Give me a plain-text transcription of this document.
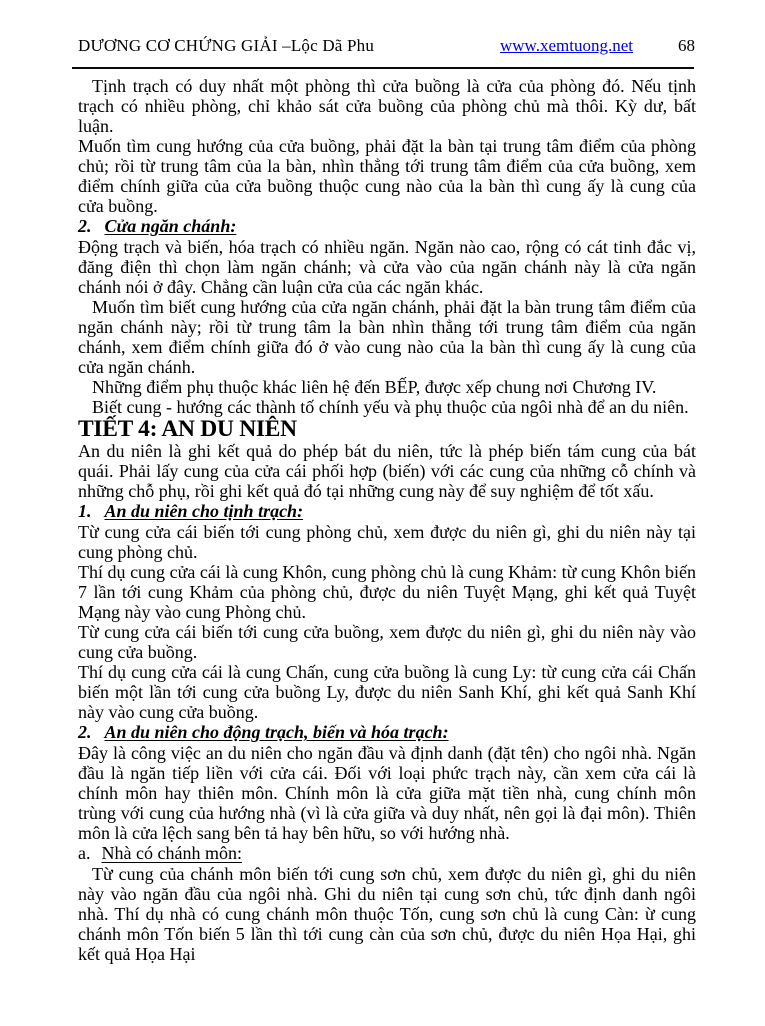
DƯƠNG CƠ CHỨNG GIẢI –Lộc Dã Phu	www.xemtuong.net	68

Tịnh trạch có duy nhất một phòng thì cửa buồng là cửa của phòng đó. Nếu tịnh trạch có nhiều phòng, chỉ khảo sát cửa buồng của phòng chủ mà thôi. Kỳ dư, bất luận.

Muốn tìm cung hướng của cửa buồng, phải đặt la bàn tại trung tâm điểm của phòng chủ; rồi từ trung tâm của la bàn, nhìn thẳng tới trung tâm điểm của cửa buồng, xem điểm chính giữa của cửa buồng thuộc cung nào của la bàn thì cung ấy là cung của cửa buồng.

2. Cửa ngăn chánh:

Động trạch và biến, hóa trạch có nhiều ngăn. Ngăn nào cao, rộng có cát tinh đắc vị, đăng điện thì chọn làm ngăn chánh; và cửa vào của ngăn chánh này là cửa ngăn chánh nói ở đây. Chẳng cần luận cửa của các ngăn khác.

Muốn tìm biết cung hướng của cửa ngăn chánh, phải đặt la bàn trung tâm điểm của ngăn chánh này; rồi từ trung tâm la bàn nhìn thẳng tới trung tâm điểm của ngăn chánh, xem điểm chính giữa đó ở vào cung nào của la bàn thì cung ấy là cung của cửa ngăn chánh.

Những điểm phụ thuộc khác liên hệ đến BẾP, được xếp chung nơi Chương IV.

Biết cung - hướng các thành tố chính yếu và phụ thuộc của ngôi nhà để an du niên.

TIẾT 4: AN DU NIÊN

An du niên là ghi kết quả do phép bát du niên, tức là phép biến tám cung của bát quái. Phải lấy cung của cửa cái phối hợp (biến) với các cung của những cỗ chính và những chỗ phụ, rồi ghi kết quả đó tại những cung này để suy nghiệm để tốt xấu.

1. An du niên cho tịnh trạch:

Từ cung cửa cái biến tới cung phòng chủ, xem được du niên gì, ghi du niên này tại cung phòng chủ.

Thí dụ cung cửa cái là cung Khôn, cung phòng chủ là cung Khảm: từ cung Khôn biến 7 lần tới cung Khảm của phòng chủ, được du niên Tuyệt Mạng, ghi kết quả Tuyệt Mạng này vào cung Phòng chủ.

Từ cung cửa cái biến tới cung cửa buồng, xem được du niên gì, ghi du niên này vào cung cửa buồng.

Thí dụ cung cửa cái là cung Chấn, cung cửa buồng là cung Ly: từ cung cửa cái Chấn biến một lần tới cung cửa buồng Ly, được du niên Sanh Khí, ghi kết quả Sanh Khí này vào cung cửa buồng.

2. An du niên cho động trạch, biến và hóa trạch:

Đây là công việc an du niên cho ngăn đầu và định danh (đặt tên) cho ngôi nhà. Ngăn đầu là ngăn tiếp liền với cửa cái. Đối với loại phức trạch này, cần xem cửa cái là chính môn hay thiên môn. Chính môn là cửa giữa mặt tiền nhà, cung chính môn trùng với cung của hướng nhà (vì là cửa giữa và duy nhất, nên gọi là đại môn). Thiên môn là cửa lệch sang bên tả hay bên hữu, so với hướng nhà.

a. Nhà có chánh môn:

Từ cung của chánh môn biến tới cung sơn chủ, xem được du niên gì, ghi du niên này vào ngăn đầu của ngôi nhà. Ghi du niên tại cung sơn chủ, tức định danh ngôi nhà. Thí dụ nhà có cung chánh môn thuộc Tốn, cung sơn chủ là cung Càn: ừ cung chánh môn Tốn biến 5 lần thì tới cung càn của sơn chủ, được du niên Họa Hại, ghi kết quả Họa Hại
